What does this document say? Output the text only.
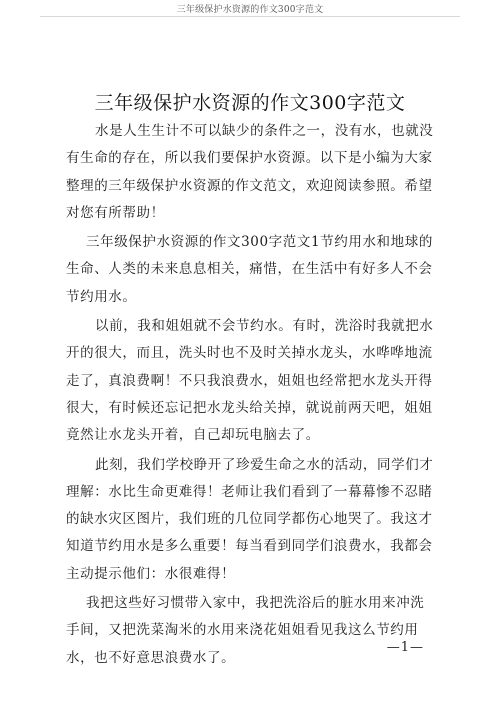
三年级保护水资源的作文300字范文
三年级保护水资源的作文300字范文

水是人生生计不可以缺少的条件之一，没有水，也就没有生命的存在，所以我们要保护水资源。以下是小编为大家整理的三年级保护水资源的作文范文，欢迎阅读参照。希望对您有所帮助！

三年级保护水资源的作文300字范文1节约用水和地球的生命、人类的未来息息相关，痛惜，在生活中有好多人不会节约用水。

以前，我和姐姐就不会节约水。有时，洗浴时我就把水开的很大，而且，洗头时也不及时关掉水龙头，水哗哗地流走了，真浪费啊！不只我浪费水，姐姐也经常把水龙头开得很大，有时候还忘记把水龙头给关掉，就说前两天吧，姐姐竟然让水龙头开着，自己却玩电脑去了。

此刻，我们学校睁开了珍爱生命之水的活动，同学们才理解：水比生命更难得！老师让我们看到了一幕幕惨不忍睹的缺水灾区图片，我们班的几位同学都伤心地哭了。我这才知道节约用水是多么重要！每当看到同学们浪费水，我都会主动提示他们：水很难得！

我把这些好习惯带入家中，我把洗浴后的脏水用来冲洗手间，又把洗菜淘米的水用来浇花姐姐看见我这么节约用水，也不好意思浪费水了。

—1—
